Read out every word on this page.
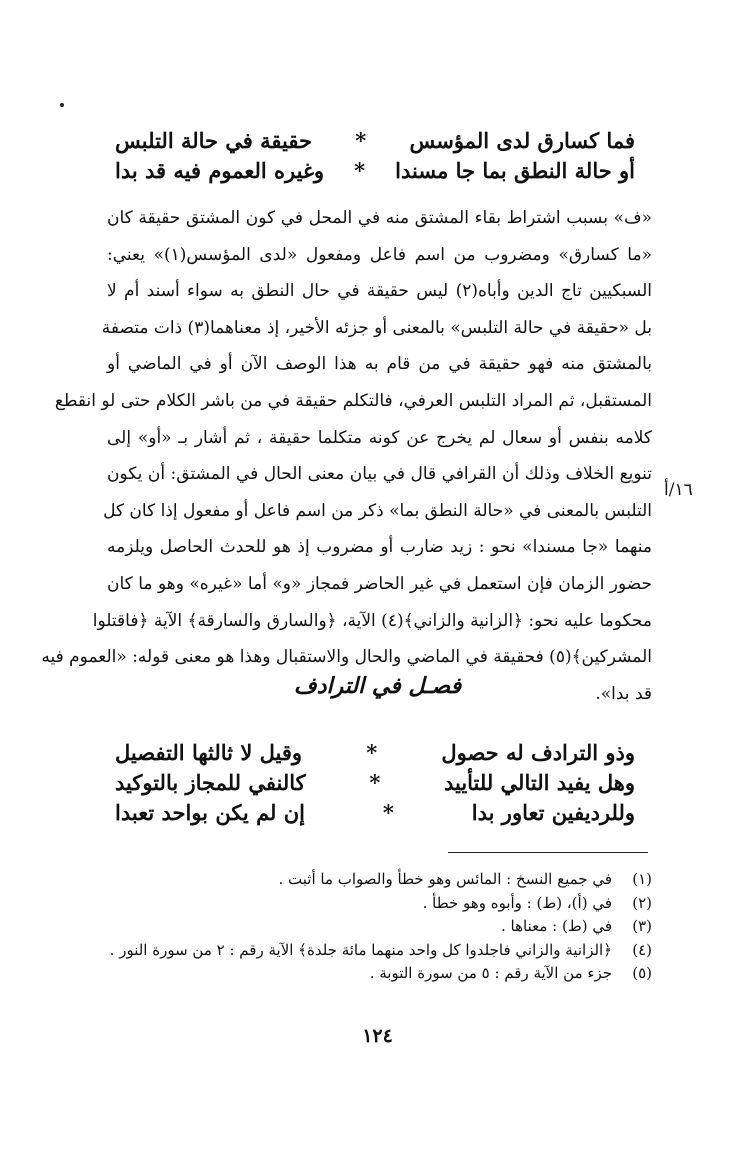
فما كسارق لدى المؤسس
*
حقيقة في حالة التلبس
أو حالة النطق بما جا مسندا
*
وغيره العموم فيه قد بدا
«ف» بسبب اشتراط بقاء المشتق منه في المحل في كون المشتق حقيقة كان
«ما كسارق» ومضروب من اسم فاعل ومفعول «لدى المؤسس(١)» يعني:
السبكيين تاج الدين وأباه(٢) ليس حقيقة في حال النطق به سواء أسند أم لا
بل «حقيقة في حالة التلبس» بالمعنى أو جزئه الأخير، إذ معناهما(٣) ذات متصفة
بالمشتق منه فهو حقيقة في من قام به هذا الوصف الآن أو في الماضي أو
المستقبل، ثم المراد التلبس العرفي، فالتكلم حقيقة في من باشر الكلام حتى لو انقطع
كلامه بنفس أو سعال لم يخرج عن كونه متكلما حقيقة ، ثم أشار بـ «أو» إلى
تنويع الخلاف وذلك أن القرافي قال في بيان معنى الحال في المشتق: أن يكون
التلبس بالمعنى في «حالة النطق بما» ذكر من اسم فاعل أو مفعول إذا كان كل
منهما «جا مسندا» نحو : زيد ضارب أو مضروب إذ هو للحدث الحاصل ويلزمه
حضور الزمان فإن استعمل في غير الحاضر فمجاز «و» أما «غيره» وهو ما كان
محكوما عليه نحو: ﴿الزانية والزاني﴾(٤) الآية، ﴿والسارق والسارقة﴾ الآية ﴿فاقتلوا
المشركين﴾(٥) فحقيقة في الماضي والحال والاستقبال وهذا هو معنى قوله: «العموم فيه
قد بدا».
١٦/أ
فصـل في الترادف
وذو الترادف له حصول
*
وقيل لا ثالثها التفصيل
وهل يفيد التالي للتأييد
*
كالنفي للمجاز بالتوكيد
وللرديفين تعاور بدا
*
إن لم يكن بواحد تعبدا
(١)في جميع النسخ : المائس وهو خطأ والصواب ما أثبت .
(٢)في (أ)، (ط) : وأبوه وهو خطأ .
(٣)في (ط) : معناها .
(٤)﴿الزانية والزاني فاجلدوا كل واحد منهما مائة جلدة﴾ الآية رقم : ٢ من سورة النور .
(٥)جزء من الآية رقم : ٥ من سورة التوبة .
١٢٤
